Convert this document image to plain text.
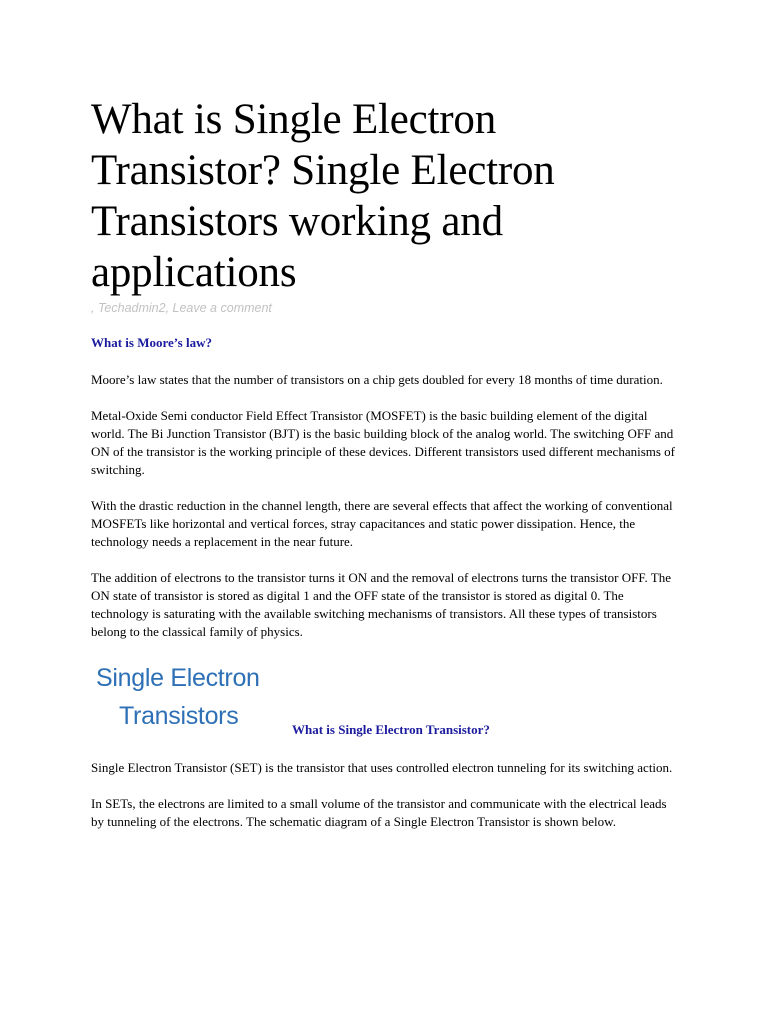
What is Single Electron Transistor? Single Electron Transistors working and applications
, Techadmin2, Leave a comment
What is Moore’s law?

Moore’s law states that the number of transistors on a chip gets doubled for every 18 months of time duration.

Metal-Oxide Semi conductor Field Effect Transistor (MOSFET) is the basic building element of the digital world. The Bi Junction Transistor (BJT) is the basic building block of the analog world. The switching OFF and ON of the transistor is the working principle of these devices. Different transistors used different mechanisms of switching.

With the drastic reduction in the channel length, there are several effects that affect the working of conventional MOSFETs like horizontal and vertical forces, stray capacitances and static power dissipation. Hence, the technology needs a replacement in the near future.

The addition of electrons to the transistor turns it ON and the removal of electrons turns the transistor OFF. The ON state of transistor is stored as digital 1 and the OFF state of the transistor is stored as digital 0. The technology is saturating with the available switching mechanisms of transistors. All these types of transistors belong to the classical family of physics.

Single Electron
Transistors	What is Single Electron Transistor?

Single Electron Transistor (SET) is the transistor that uses controlled electron tunneling for its switching action.

In SETs, the electrons are limited to a small volume of the transistor and communicate with the electrical leads by tunneling of the electrons. The schematic diagram of a Single Electron Transistor is shown below.
